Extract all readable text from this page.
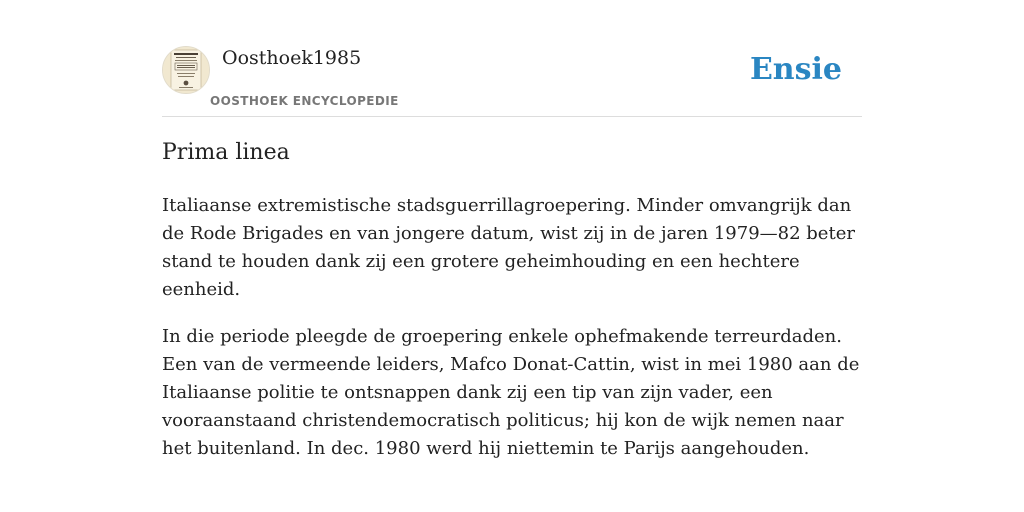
Oosthoek1985
OOSTHOEK ENCYCLOPEDIE
Ensie
Prima linea

Italiaanse extremistische stadsguerrillagroepering. Minder omvangrijk dan de Rode Brigades en van jongere datum, wist zij in de jaren 1979—82 beter stand te houden dank zij een grotere geheimhouding en een hechtere eenheid.

In die periode pleegde de groepering enkele ophefmakende terreurdaden. Een van de vermeende leiders, Mafco Donat-Cattin, wist in mei 1980 aan de Italiaanse politie te ontsnappen dank zij een tip van zijn vader, een vooraanstaand christendemocratisch politicus; hij kon de wijk nemen naar het buitenland. In dec. 1980 werd hij niettemin te Parijs aangehouden.
